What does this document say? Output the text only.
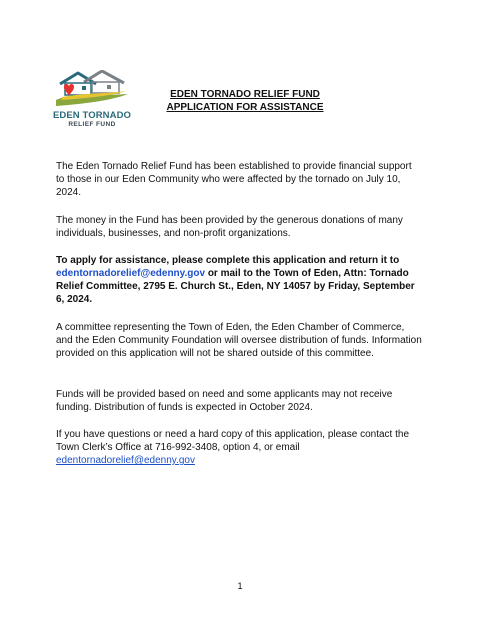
EDEN TORNADO
RELIEF FUND
EDEN TORNADO RELIEF FUND
APPLICATION FOR ASSISTANCE

The Eden Tornado Relief Fund has been established to provide financial support to those in our Eden Community who were affected by the tornado on July 10, 2024.

The money in the Fund has been provided by the generous donations of many individuals, businesses, and non-profit organizations.

To apply for assistance, please complete this application and return it to edentornadorelief@edenny.gov or mail to the Town of Eden, Attn: Tornado Relief Committee, 2795 E. Church St., Eden, NY 14057 by Friday, September 6, 2024.

A committee representing the Town of Eden, the Eden Chamber of Commerce, and the Eden Community Foundation will oversee distribution of funds. Information provided on this application will not be shared outside of this committee.

Funds will be provided based on need and some applicants may not receive funding. Distribution of funds is expected in October 2024.

If you have questions or need a hard copy of this application, please contact the Town Clerk’s Office at 716-992-3408, option 4, or email
edentornadorelief@edenny.gov

1
